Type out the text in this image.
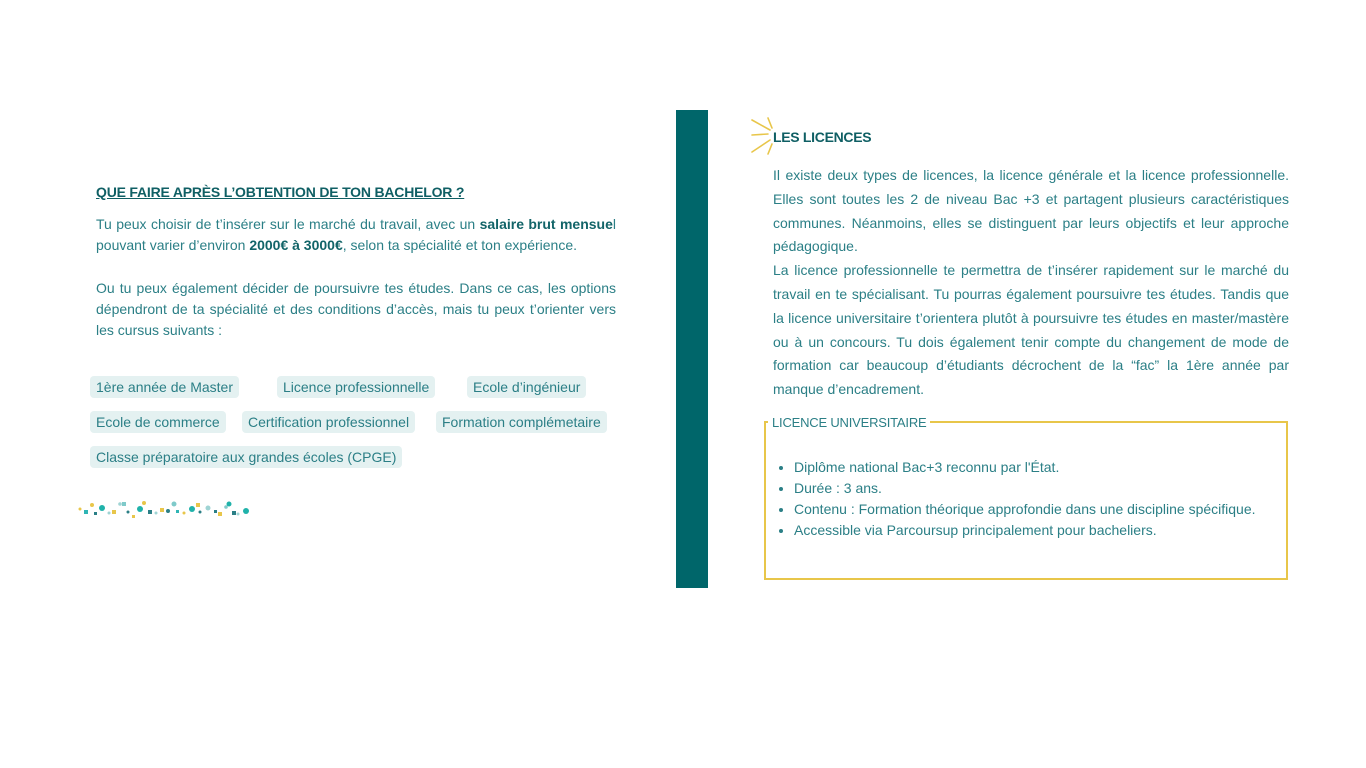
QUE FAIRE APRÈS L’OBTENTION DE TON BACHELOR ?

Tu peux choisir de t’insérer sur le marché du travail, avec un salaire brut mensuel pouvant varier d’environ 2000€ à 3000€, selon ta spécialité et ton expérience.

Ou tu peux également décider de poursuivre tes études. Dans ce cas, les options dépendront de ta spécialité et des conditions d’accès, mais tu peux t’orienter vers les cursus suivants :

1ère année de Master	Licence professionnelle	Ecole d’ingénieur
Ecole de commerce	Certification professionnel	Formation complémetaire
Classe préparatoire aux grandes écoles (CPGE)
LES LICENCES

Il existe deux types de licences, la licence générale et la licence professionnelle. Elles sont toutes les 2 de niveau Bac +3 et partagent plusieurs caractéristiques communes. Néanmoins, elles se distinguent par leurs objectifs et leur approche pédagogique.

La licence professionnelle te permettra de t’insérer rapidement sur le marché du travail en te spécialisant. Tu pourras également poursuivre tes études. Tandis que la licence universitaire t’orientera plutôt à poursuivre tes études en master/mastère ou à un concours. Tu dois également tenir compte du changement de mode de formation car beaucoup d’étudiants décrochent de la “fac” la 1ère année par manque d’encadrement.

LICENCE UNIVERSITAIRE
Diplôme national Bac+3 reconnu par l'État.
Durée : 3 ans.
Contenu : Formation théorique approfondie dans une discipline spécifique.
Accessible via Parcoursup principalement pour bacheliers.
